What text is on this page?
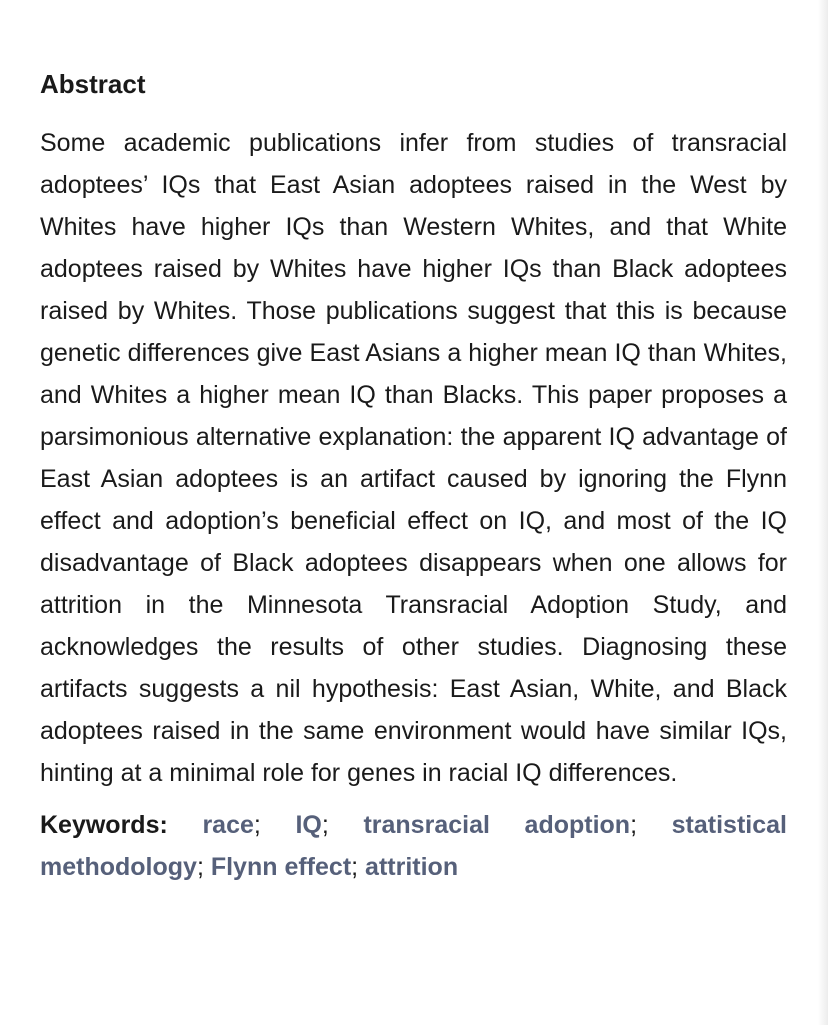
Abstract

Some academic publications infer from studies of transracial adoptees’ IQs that East Asian adoptees raised in the West by Whites have higher IQs than Western Whites, and that White adoptees raised by Whites have higher IQs than Black adoptees raised by Whites. Those publications suggest that this is because genetic differences give East Asians a higher mean IQ than Whites, and Whites a higher mean IQ than Blacks. This paper proposes a parsimonious alternative explanation: the apparent IQ advantage of East Asian adoptees is an artifact caused by ignoring the Flynn effect and adoption’s beneficial effect on IQ, and most of the IQ disadvantage of Black adoptees disappears when one allows for attrition in the Minnesota Transracial Adoption Study, and acknowledges the results of other studies. Diagnosing these artifacts suggests a nil hypothesis: East Asian, White, and Black adoptees raised in the same environment would have similar IQs, hinting at a minimal role for genes in racial IQ differences.

Keywords: race; IQ; transracial adoption; statistical methodology; Flynn effect; attrition
